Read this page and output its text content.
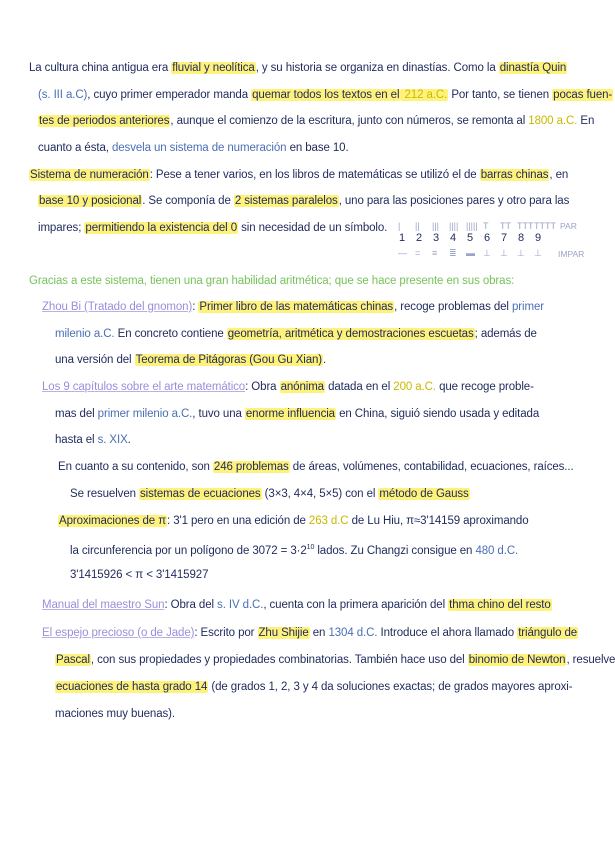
La cultura china antigua era fluvial y neolítica, y su historia se organiza en dinastías. Como la dinastía Quin
(s. III a.C), cuyo primer emperador manda quemar todos los textos en el 212 a.C. Por tanto, se tienen pocas fuen-
tes de periodos anteriores, aunque el comienzo de la escritura, junto con números, se remonta al 1800 a.C. En
cuanto a ésta, desvela un sistema de numeración en base 10.
Sistema de numeración: Pese a tener varios, en los libros de matemáticas se utilizó el de barras chinas, en
base 10 y posicional. Se componía de 2 sistemas paralelos, uno para las posiciones pares y otro para las
impares; permitiendo la existencia del 0 sin necesidad de un símbolo.	PAR
IMPAR
|
1
—
||
2
=
|||
3
≡
||||
4
≣
|||||
5
▬
T
6
⊥
TT
7
⊥
TTT
8
⊥
TTTT
9
⊥
Gracias a este sistema, tienen una gran habilidad aritmética; que se hace presente en sus obras:
Zhou Bi (Tratado del gnomon): Primer libro de las matemáticas chinas, recoge problemas del primer
milenio a.C. En concreto contiene geometría, aritmética y demostraciones escuetas; además de
una versión del Teorema de Pitágoras (Gou Gu Xian).
Los 9 capítulos sobre el arte matemático: Obra anónima datada en el 200 a.C. que recoge proble-
mas del primer milenio a.C., tuvo una enorme influencia en China, siguió siendo usada y editada
hasta el s. XIX.
En cuanto a su contenido, son 246 problemas de áreas, volúmenes, contabilidad, ecuaciones, raíces...
Se resuelven sistemas de ecuaciones (3×3, 4×4, 5×5) con el método de Gauss
Aproximaciones de π: 3'1 pero en una edición de 263 d.C de Lu Hiu, π≈3'14159 aproximando
la circunferencia por un polígono de $3072 = 3\cdot 2^{10}$ lados. Zu Changzi consigue en 480 d.C.
3'1415926 < π < 3'1415927
Manual del maestro Sun: Obra del s. IV d.C., cuenta con la primera aparición del thma chino del resto
El espejo precioso (o de Jade): Escrito por Zhu Shijie en 1304 d.C. Introduce el ahora llamado triángulo de
Pascal, con sus propiedades y propiedades combinatorias. También hace uso del binomio de Newton, resuelve
ecuaciones de hasta grado 14 (de grados 1, 2, 3 y 4 da soluciones exactas; de grados mayores aproxi-
maciones muy buenas).
